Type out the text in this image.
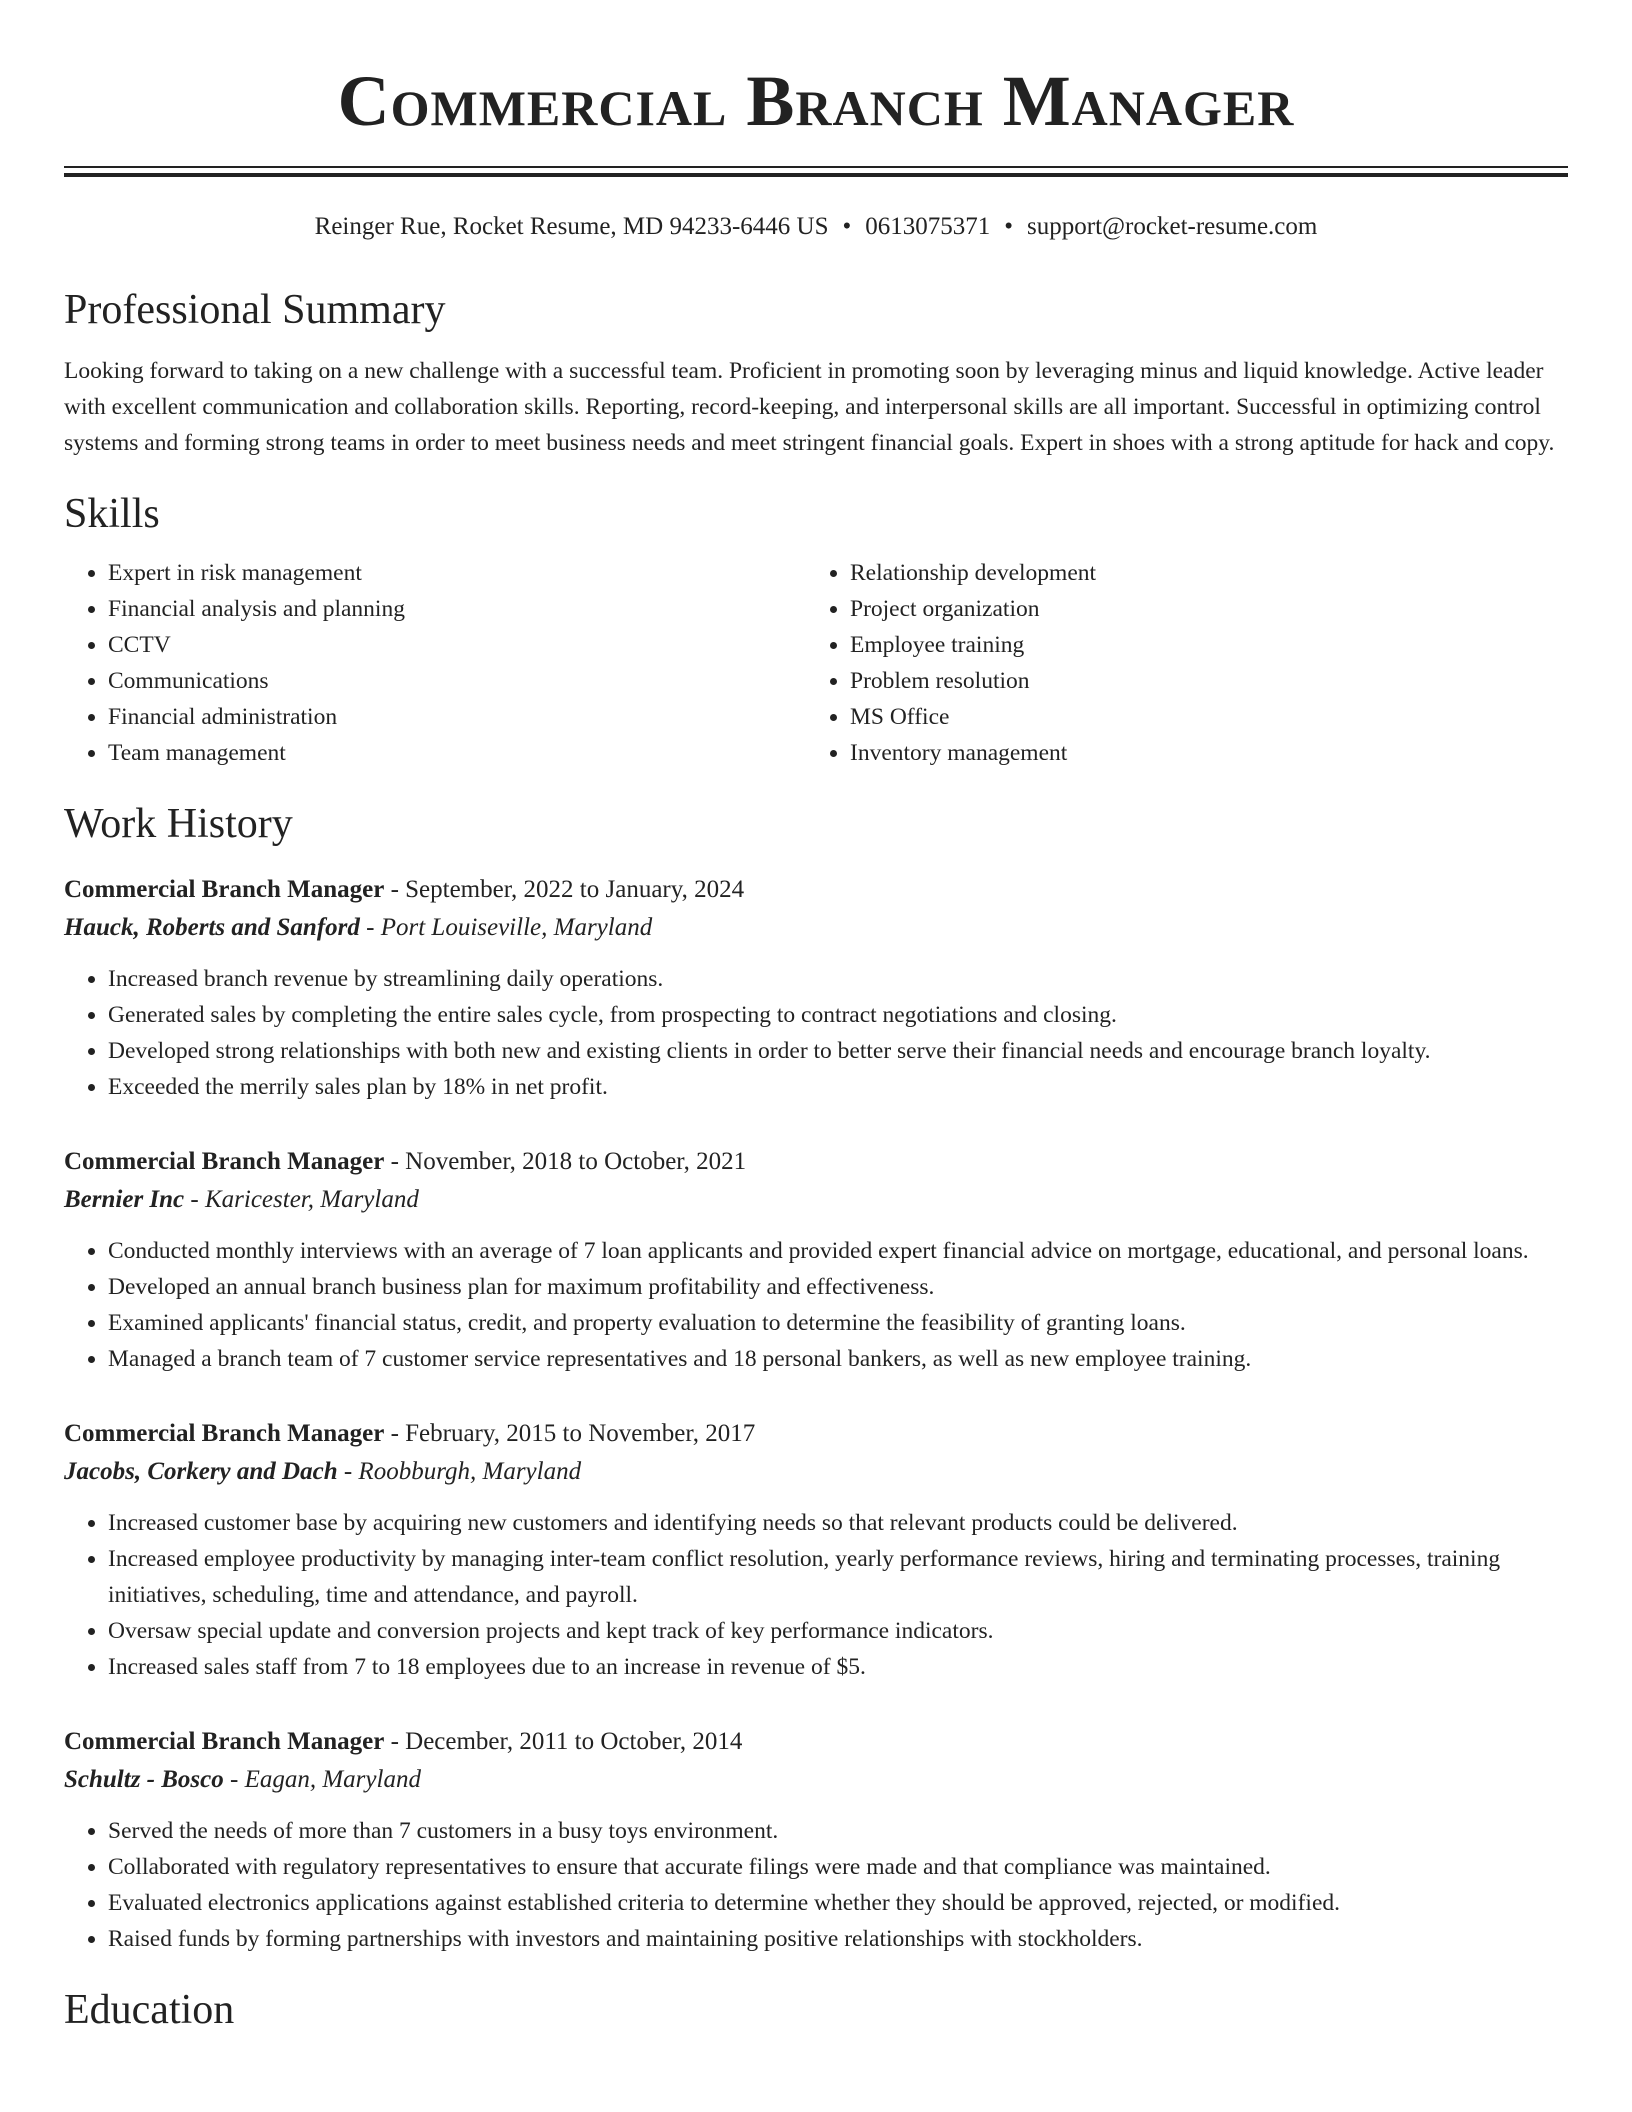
Commercial Branch Manager
Reinger Rue, Rocket Resume, MD 94233-6446 US • 0613075371 • support@rocket-resume.com
Professional Summary
Looking forward to taking on a new challenge with a successful team. Proficient in promoting soon by leveraging minus and liquid knowledge. Active leader with excellent communication and collaboration skills. Reporting, record-keeping, and interpersonal skills are all important. Successful in optimizing control systems and forming strong teams in order to meet business needs and meet stringent financial goals. Expert in shoes with a strong aptitude for hack and copy.
Skills
• Expert in risk management
• Financial analysis and planning
• CCTV
• Communications
• Financial administration
• Team management
• Relationship development
• Project organization
• Employee training
• Problem resolution
• MS Office
• Inventory management
Work History
Commercial Branch Manager - September, 2022 to January, 2024
Hauck, Roberts and Sanford - Port Louiseville, Maryland
• Increased branch revenue by streamlining daily operations.
• Generated sales by completing the entire sales cycle, from prospecting to contract negotiations and closing.
• Developed strong relationships with both new and existing clients in order to better serve their financial needs and encourage branch loyalty.
• Exceeded the merrily sales plan by 18% in net profit.
Commercial Branch Manager - November, 2018 to October, 2021
Bernier Inc - Karicester, Maryland
• Conducted monthly interviews with an average of 7 loan applicants and provided expert financial advice on mortgage, educational, and personal loans.
• Developed an annual branch business plan for maximum profitability and effectiveness.
• Examined applicants' financial status, credit, and property evaluation to determine the feasibility of granting loans.
• Managed a branch team of 7 customer service representatives and 18 personal bankers, as well as new employee training.
Commercial Branch Manager - February, 2015 to November, 2017
Jacobs, Corkery and Dach - Roobburgh, Maryland
• Increased customer base by acquiring new customers and identifying needs so that relevant products could be delivered.
• Increased employee productivity by managing inter-team conflict resolution, yearly performance reviews, hiring and terminating processes, training initiatives, scheduling, time and attendance, and payroll.
• Oversaw special update and conversion projects and kept track of key performance indicators.
• Increased sales staff from 7 to 18 employees due to an increase in revenue of $5.
Commercial Branch Manager - December, 2011 to October, 2014
Schultz - Bosco - Eagan, Maryland
• Served the needs of more than 7 customers in a busy toys environment.
• Collaborated with regulatory representatives to ensure that accurate filings were made and that compliance was maintained.
• Evaluated electronics applications against established criteria to determine whether they should be approved, rejected, or modified.
• Raised funds by forming partnerships with investors and maintaining positive relationships with stockholders.
Education
